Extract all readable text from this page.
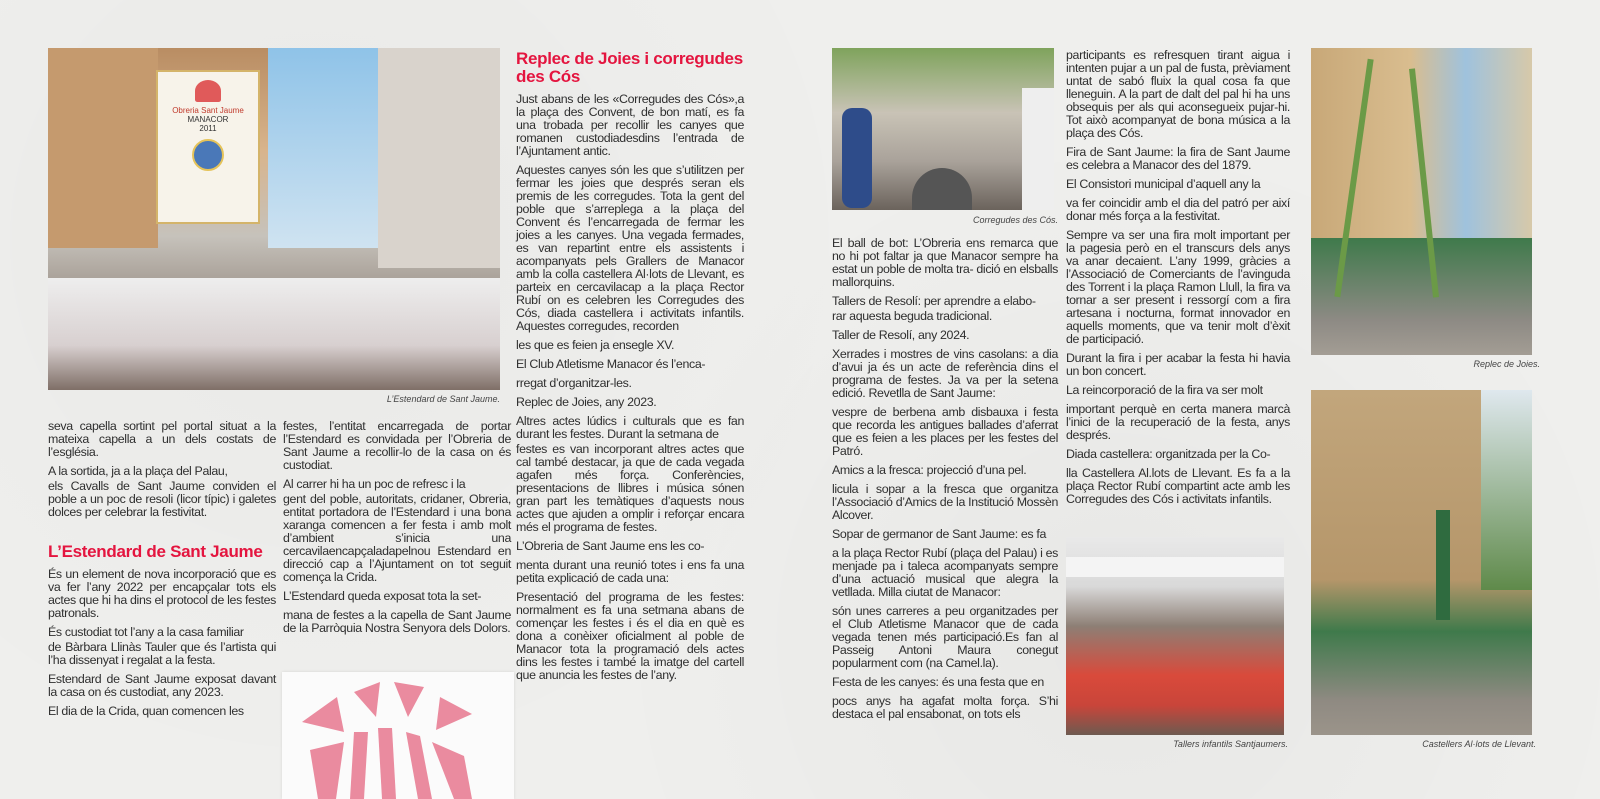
Obreria Sant Jaume
MANACOR
2011
L’Estendard de Sant Jaume.

seva capella sortint pel portal situat a la mateixa capella a un dels costats de l’església.

A la sortida, ja a la plaça del Palau,

els Cavalls de Sant Jaume conviden el poble a un poc de resoli (licor típic) i galetes dolces per celebrar la festivitat.

L’Estendard de Sant Jaume

És un element de nova incorporació que es va fer l’any 2022 per encapçalar tots els actes que hi ha dins el protocol de les festes patronals.

És custodiat tot l’any a la casa familiar

de Bàrbara Llinàs Tauler que és l’artista qui l’ha dissenyat i regalat a la festa.

Estendard de Sant Jaume exposat davant la casa on és custodiat, any 2023.

El dia de la Crida, quan comencen les

festes, l’entitat encarregada de portar l’Estendard es convidada per l’Obreria de Sant Jaume a recollir-lo de la casa on és custodiat.

Al carrer hi ha un poc de refresc i la

gent del poble, autoritats, cridaner, Obreria, entitat portadora de l’Estendard i una bona xaranga comencen a fer festa i amb molt d’ambient s’inicia una cercavilaencapçaladapelnou Estendard en direcció cap a l’Ajuntament on tot seguit comença la Crida.

L’Estendard queda exposat tota la set-

mana de festes a la capella de Sant Jaume de la Parròquia Nostra Senyora dels Dolors.

Replec de Joies i corregudes des Cós

Just abans de les «Corregudes des Cós»,a la plaça des Convent, de bon matí, es fa una trobada per recollir les canyes que romanen custodiadesdins l’entrada de l’Ajuntament antic.

Aquestes canyes són les que s’utilitzen per fermar les joies que després seran els premis de les corregudes. Tota la gent del poble que s’arreplega a la plaça del Convent és l’encarregada de fermar les joies a les canyes. Una vegada fermades, es van repartint entre els assistents i acompanyats pels Grallers de Manacor amb la colla castellera Al·lots de Llevant, es parteix en cercavilacap a la plaça Rector Rubí on es celebren les Corregudes des Cós, diada castellera i activitats infantils. Aquestes corregudes, recorden

les que es feien ja ensegle XV.

El Club Atletisme Manacor és l’enca-

rregat d’organitzar-les.

Replec de Joies, any 2023.

Altres actes lúdics i culturals que es fan durant les festes. Durant la setmana de

festes es van incorporant altres actes que cal també destacar, ja que de cada vegada agafen més força. Conferències, presentacions de llibres i música sónen gran part les temàtiques d’aquests nous actes que ajuden a omplir i reforçar encara més el programa de festes.

L’Obreria de Sant Jaume ens les co-

menta durant una reunió totes i ens fa una petita explicació de cada una:

Presentació del programa de les festes: normalment es fa una setmana abans de començar les festes i és el dia en què es dona a conèixer oficialment al poble de Manacor tota la programació dels actes dins les festes i també la imatge del cartell que anuncia les festes de l’any.

Corregudes des Cós.

El ball de bot: L’Obreria ens remarca que no hi pot faltar ja que Manacor sempre ha estat un poble de molta tra- dició en elsballs mallorquins.

Tallers de Resolí: per aprendre a elabo-

rar aquesta beguda tradicional.

Taller de Resolí, any 2024.

Xerrades i mostres de vins casolans: a dia d’avui ja és un acte de referència dins el programa de festes. Ja va per la setena edició. Revetlla de Sant Jaume:

vespre de berbena amb disbauxa i festa que recorda les antigues ballades d’aferrat que es feien a les places per les festes del Patró.

Amics a la fresca: projecció d’una pel.

licula i sopar a la fresca que organitza l’Associació d’Amics de la Institució Mossèn Alcover.

Sopar de germanor de Sant Jaume: es fa

a la plaça Rector Rubí (plaça del Palau) i es menjade pa i taleca acompanyats sempre d’una actuació musical que alegra la vetllada. Milla ciutat de Manacor:

són unes carreres a peu organitzades per el Club Atletisme Manacor que de cada vegada tenen més participació.Es fan al Passeig Antoni Maura conegut popularment com (na Camel.la).

Festa de les canyes: és una festa que en

pocs anys ha agafat molta força. S’hi destaca el pal ensabonat, on tots els

participants es refresquen tirant aigua i intenten pujar a un pal de fusta, prèviament untat de sabó fluix la qual cosa fa que lleneguin. A la part de dalt del pal hi ha uns obsequis per als qui aconsegueix pujar-hi. Tot això acompanyat de bona música a la plaça des Cós.

Fira de Sant Jaume: la fira de Sant Jaume es celebra a Manacor des del 1879.

El Consistori municipal d’aquell any la

va fer coincidir amb el dia del patró per així donar més força a la festivitat.

Sempre va ser una fira molt important per la pagesia però en el transcurs dels anys va anar decaient. L’any 1999, gràcies a l’Associació de Comerciants de l’avinguda des Torrent i la plaça Ramon Llull, la fira va tornar a ser present i ressorgí com a fira artesana i nocturna, format innovador en aquells moments, que va tenir molt d’èxit de participació.

Durant la fira i per acabar la festa hi havia un bon concert.

La reincorporació de la fira va ser molt

important perquè en certa manera marcà l’inici de la recuperació de la festa, anys després.

Diada castellera: organitzada per la Co-

lla Castellera Al.lots de Llevant. Es fa a la plaça Rector Rubí compartint acte amb les Corregudes des Cós i activitats infantils.

Tallers infantils Santjaumers.
Replec de Joies.
Castellers Al·lots de Llevant.
